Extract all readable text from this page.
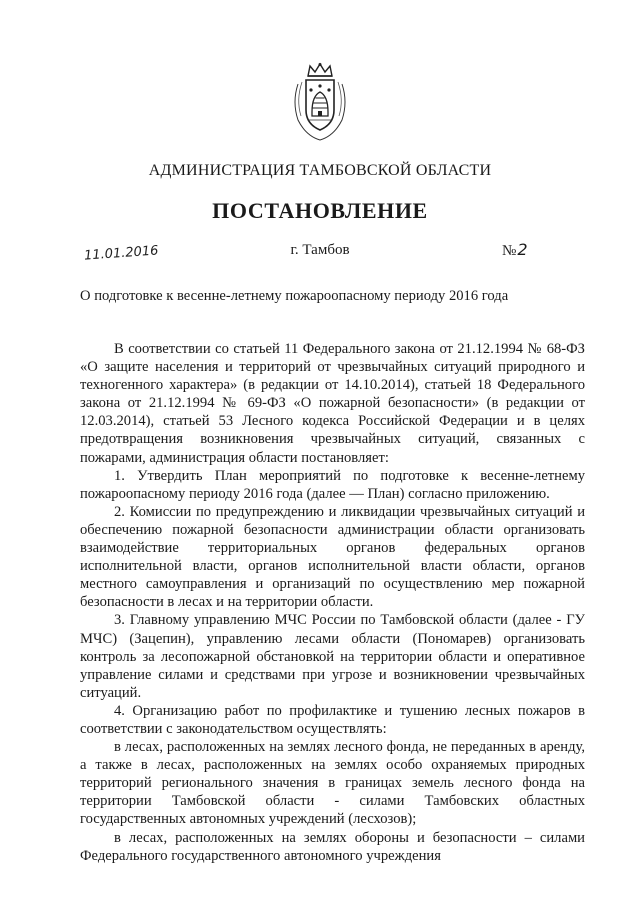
АДМИНИСТРАЦИЯ ТАМБОВСКОЙ ОБЛАСТИ
ПОСТАНОВЛЕНИЕ
11.01.2016	г. Тамбов	№2
О подготовке к весенне-летнему пожароопасному периоду 2016 года

В соответствии со статьей 11 Федерального закона от 21.12.1994 № 68-ФЗ «О защите населения и территорий от чрезвычайных ситуаций природного и техногенного характера» (в редакции от 14.10.2014), статьей 18 Федерального закона от 21.12.1994 № 69-ФЗ «О пожарной безопасности» (в редакции от 12.03.2014), статьей 53 Лесного кодекса Российской Федерации и в целях предотвращения возникновения чрезвычайных ситуаций, связанных с пожарами, администрация области постановляет:

1. Утвердить План мероприятий по подготовке к весенне-летнему пожароопасному периоду 2016 года (далее — План) согласно приложению.

2. Комиссии по предупреждению и ликвидации чрезвычайных ситуаций и обеспечению пожарной безопасности администрации области организовать взаимодействие территориальных органов федеральных органов исполнительной власти, органов исполнительной власти области, органов местного самоуправления и организаций по осуществлению мер пожарной безопасности в лесах и на территории области.

3. Главному управлению МЧС России по Тамбовской области (далее - ГУ МЧС) (Зацепин), управлению лесами области (Пономарев) организовать контроль за лесопожарной обстановкой на территории области и оперативное управление силами и средствами при угрозе и возникновении чрезвычайных ситуаций.

4. Организацию работ по профилактике и тушению лесных пожаров в соответствии с законодательством осуществлять:

в лесах, расположенных на землях лесного фонда, не переданных в аренду, а также в лесах, расположенных на землях особо охраняемых природных территорий регионального значения в границах земель лесного фонда на территории Тамбовской области - силами Тамбовских областных государственных автономных учреждений (лесхозов);

в лесах, расположенных на землях обороны и безопасности – силами Федерального государственного автономного учреждения
